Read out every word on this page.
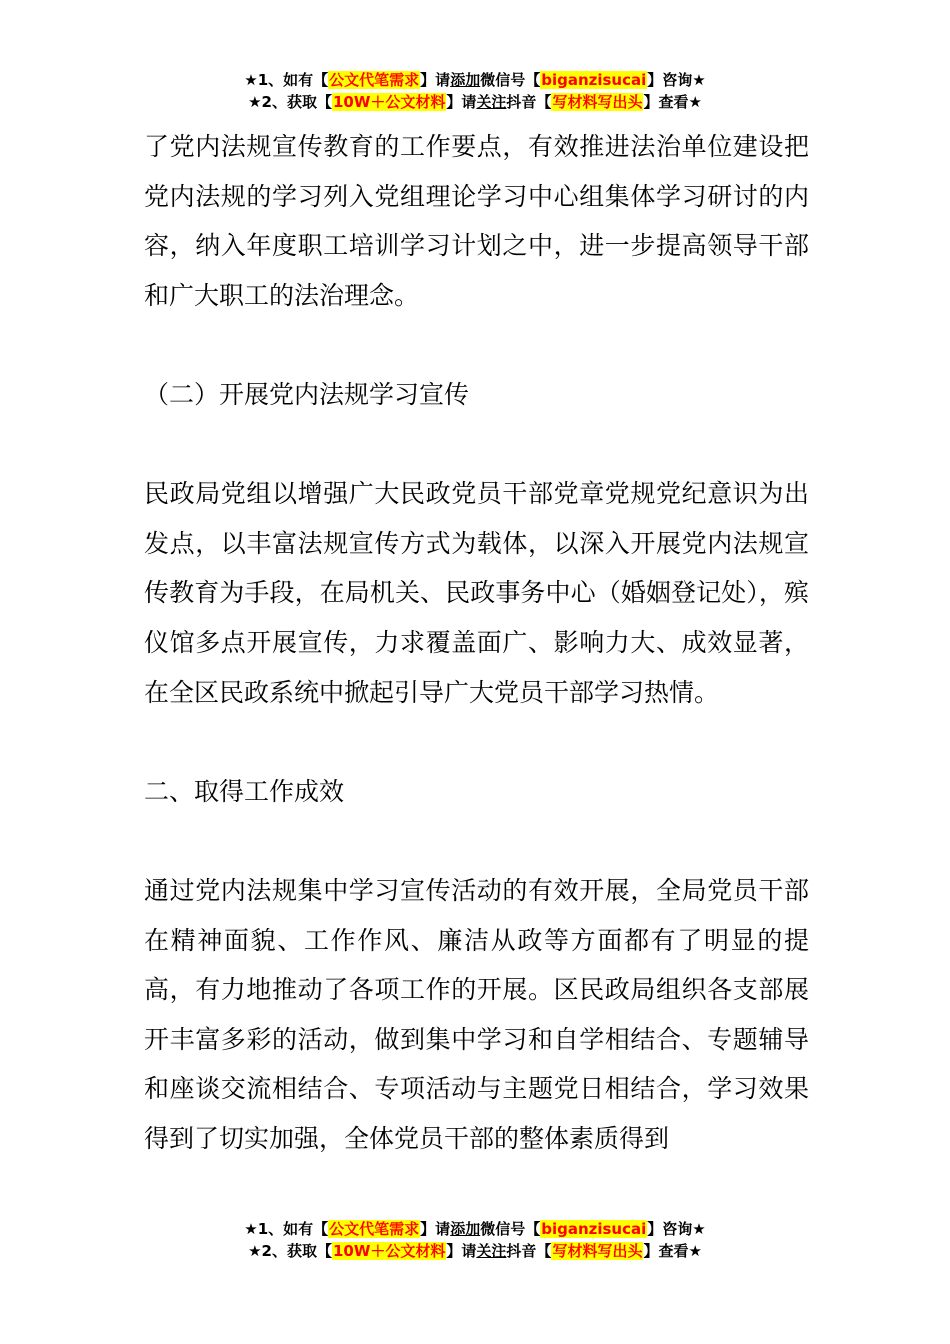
★1、如有【公文代笔需求】请添加微信号【biganzisucai】咨询★
★2、获取【10W＋公文材料】请关注抖音【写材料写出头】查看★

了党内法规宣传教育的工作要点，有效推进法治单位建设把党内法规的学习列入党组理论学习中心组集体学习研讨的内容，纳入年度职工培训学习计划之中，进一步提高领导干部和广大职工的法治理念。

（二）开展党内法规学习宣传

民政局党组以增强广大民政党员干部党章党规党纪意识为出发点，以丰富法规宣传方式为载体，以深入开展党内法规宣传教育为手段，在局机关、民政事务中心（婚姻登记处），殡仪馆多点开展宣传，力求覆盖面广、影响力大、成效显著，在全区民政系统中掀起引导广大党员干部学习热情。

二、取得工作成效

通过党内法规集中学习宣传活动的有效开展，全局党员干部在精神面貌、工作作风、廉洁从政等方面都有了明显的提高，有力地推动了各项工作的开展。区民政局组织各支部展开丰富多彩的活动，做到集中学习和自学相结合、专题辅导和座谈交流相结合、专项活动与主题党日相结合，学习效果得到了切实加强，全体党员干部的整体素质得到

★1、如有【公文代笔需求】请添加微信号【biganzisucai】咨询★
★2、获取【10W＋公文材料】请关注抖音【写材料写出头】查看★
